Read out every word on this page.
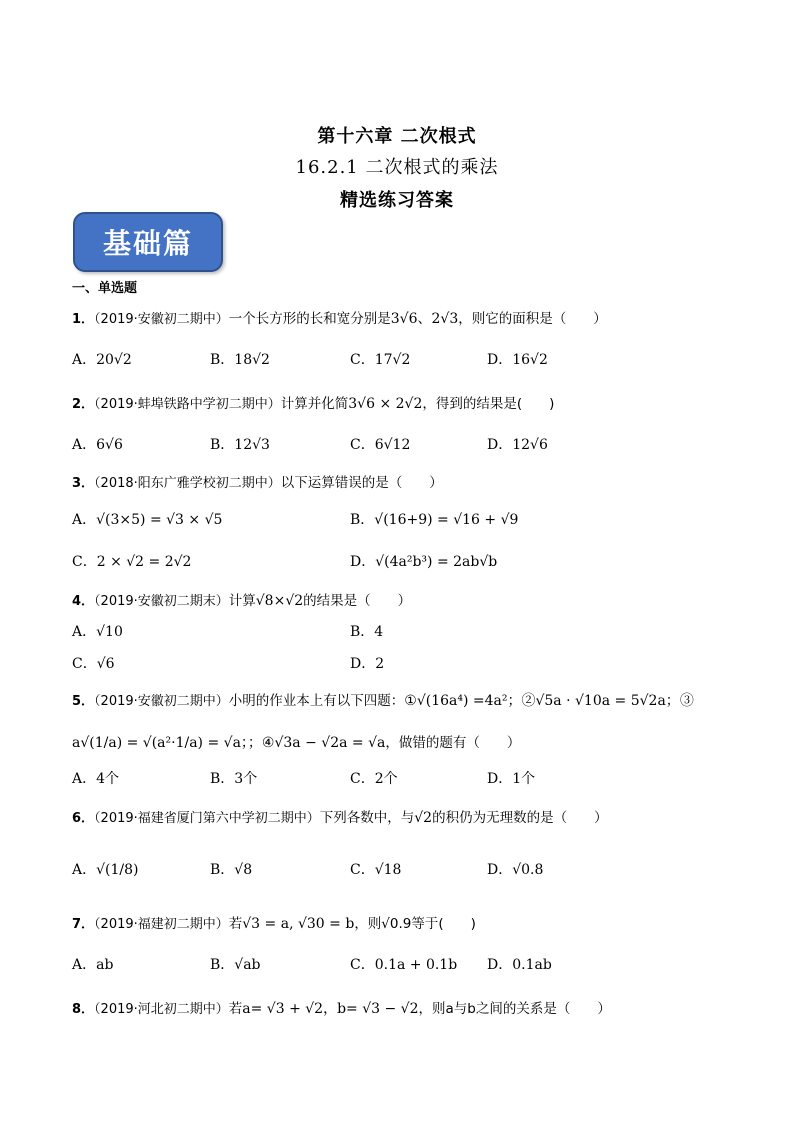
第十六章 二次根式
16.2.1 二次根式的乘法
精选练习答案
基础篇
一、单选题
1．（2019·安徽初二期中）一个长方形的长和宽分别是3√6、2√3，则它的面积是（　　）
A．20√2	B．18√2	C．17√2	D．16√2
2．（2019·蚌埠铁路中学初二期中）计算并化简3√6 × 2√2，得到的结果是(　　)
A．6√6	B．12√3	C．6√12	D．12√6
3．（2018·阳东广雅学校初二期中）以下运算错误的是（　　）
A．√(3×5) = √3 × √5	B．√(16+9) = √16 + √9
C．2 × √2 = 2√2	D．√(4a²b³) = 2ab√b
4．（2019·安徽初二期末）计算√8×√2的结果是（　　）
A．√10	B．4
C．√6	D．2
5．（2019·安徽初二期中）小明的作业本上有以下四题：①√(16a⁴) =4a²；②√5a · √10a = 5√2a；③
a√(1/a) = √(a²·1/a) = √a；；④√3a − √2a = √a，做错的题有（　　）
A．4个	B．3个	C．2个	D．1个
6．（2019·福建省厦门第六中学初二期中）下列各数中，与√2的积仍为无理数的是（　　）
A．√(1/8)	B．√8	C．√18	D．√0.8
7．（2019·福建初二期中）若√3 = a, √30 = b，则√0.9等于(　　)
A．ab	B．√ab	C．0.1a + 0.1b D．0.1ab
8．（2019·河北初二期中）若a= √3 + √2，b= √3 − √2，则a与b之间的关系是（　　）
